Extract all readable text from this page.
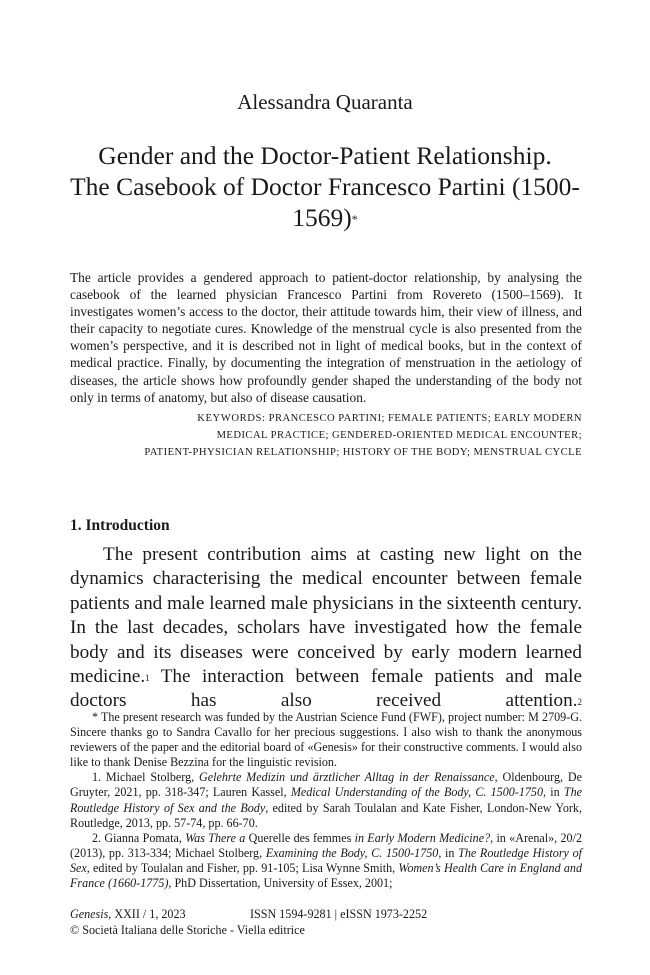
Alessandra Quaranta
Gender and the Doctor-Patient Relationship.
The Casebook of Doctor Francesco Partini (1500-1569)*
The article provides a gendered approach to patient-doctor relationship, by analysing the casebook of the learned physician Francesco Partini from Rovereto (1500–1569). It investigates women’s access to the doctor, their attitude towards him, their view of illness, and their capacity to negotiate cures. Knowledge of the menstrual cycle is also presented from the women’s perspective, and it is described not in light of medical books, but in the context of medical practice. Finally, by documenting the integration of menstruation in the aetiology of diseases, the article shows how profoundly gender shaped the understanding of the body not only in terms of anatomy, but also of disease causation.
KEYWORDS: PRANCESCO PARTINI; FEMALE PATIENTS; EARLY MODERN
MEDICAL PRACTICE; GENDERED-ORIENTED MEDICAL ENCOUNTER;
PATIENT-PHYSICIAN RELATIONSHIP; HISTORY OF THE BODY; MENSTRUAL CYCLE
1. Introduction
The present contribution aims at casting new light on the dynamics characterising the medical encounter between female patients and male learned male physicians in the sixteenth century. In the last decades, scholars have investigated how the female body and its diseases were conceived by early modern learned medicine.$^1$ The interaction between female patients and male doctors has also received attention.$^2$

* The present research was funded by the Austrian Science Fund (FWF), project number: M 2709-G. Sincere thanks go to Sandra Cavallo for her precious suggestions. I also wish to thank the anonymous reviewers of the paper and the editorial board of «Genesis» for their constructive comments. I would also like to thank Denise Bezzina for the linguistic revision.

1. Michael Stolberg, Gelehrte Medizin und ärztlicher Alltag in der Renaissance, Oldenbourg, De Gruyter, 2021, pp. 318-347; Lauren Kassel, Medical Understanding of the Body, C. 1500-1750, in The Routledge History of Sex and the Body, edited by Sarah Toulalan and Kate Fisher, London-New York, Routledge, 2013, pp. 57-74, pp. 66-70.

2. Gianna Pomata, Was There a Querelle des femmes in Early Modern Medicine?, in «Arenal», 20/2 (2013), pp. 313-334; Michael Stolberg, Examining the Body, C. 1500-1750, in The Routledge History of Sex, edited by Toulalan and Fisher, pp. 91-105; Lisa Wynne Smith, Women’s Health Care in England and France (1660-1775), PhD Dissertation, University of Essex, 2001;

Genesis, XXII / 1, 2023	ISSN 1594-9281 | eISSN 1973-2252
© Società Italiana delle Storiche - Viella editrice
